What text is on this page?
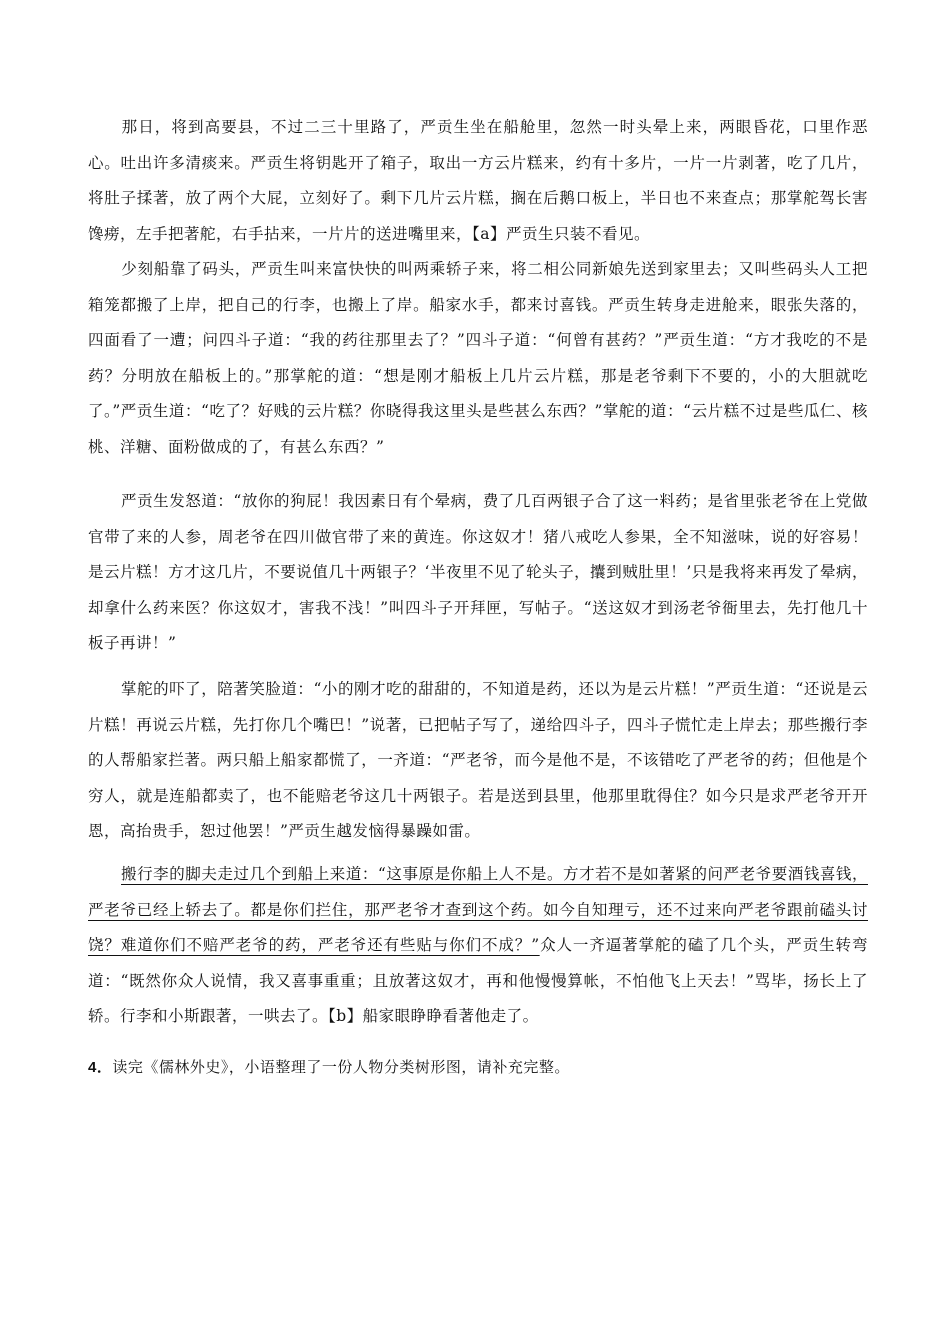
那日，将到高要县，不过二三十里路了，严贡生坐在船舱里，忽然一时头晕上来，两眼昏花，口里作恶心。吐出许多清痰来。严贡生将钥匙开了箱子，取出一方云片糕来，约有十多片，一片一片剥著，吃了几片，将肚子揉著，放了两个大屁，立刻好了。剩下几片云片糕，搁在后鹅口板上，半日也不来查点；那掌舵驾长害馋痨，左手把著舵，右手拈来，一片片的送进嘴里来，【a】严贡生只装不看见。

少刻船靠了码头，严贡生叫来富快快的叫两乘轿子来，将二相公同新娘先送到家里去；又叫些码头人工把箱笼都搬了上岸，把自己的行李，也搬上了岸。船家水手，都来讨喜钱。严贡生转身走进舱来，眼张失落的，四面看了一遭；问四斗子道：“我的药往那里去了？”四斗子道：“何曾有甚药？”严贡生道：“方才我吃的不是药？分明放在船板上的。”那掌舵的道：“想是刚才船板上几片云片糕，那是老爷剩下不要的，小的大胆就吃了。”严贡生道：“吃了？好贱的云片糕？你晓得我这里头是些甚么东西？”掌舵的道：“云片糕不过是些瓜仁、核桃、洋糖、面粉做成的了，有甚么东西？”

严贡生发怒道：“放你的狗屁！我因素日有个晕病，费了几百两银子合了这一料药；是省里张老爷在上党做官带了来的人参，周老爷在四川做官带了来的黄连。你这奴才！猪八戒吃人参果，全不知滋味，说的好容易！是云片糕！方才这几片，不要说值几十两银子？‘半夜里不见了轮头子，攮到贼肚里！’只是我将来再发了晕病，却拿什么药来医？你这奴才，害我不浅！”叫四斗子开拜匣，写帖子。“送这奴才到汤老爷衙里去，先打他几十板子再讲！”

掌舵的吓了，陪著笑脸道：“小的刚才吃的甜甜的，不知道是药，还以为是云片糕！”严贡生道：“还说是云片糕！再说云片糕，先打你几个嘴巴！”说著，已把帖子写了，递给四斗子，四斗子慌忙走上岸去；那些搬行李的人帮船家拦著。两只船上船家都慌了，一齐道：“严老爷，而今是他不是，不该错吃了严老爷的药；但他是个穷人，就是连船都卖了，也不能赔老爷这几十两银子。若是送到县里，他那里耽得住？如今只是求严老爷开开恩，高抬贵手，恕过他罢！”严贡生越发恼得暴躁如雷。

搬行李的脚夫走过几个到船上来道：“这事原是你船上人不是。方才若不是如著紧的问严老爷要酒钱喜钱，严老爷已经上轿去了。都是你们拦住，那严老爷才查到这个药。如今自知理亏，还不过来向严老爷跟前磕头讨饶？难道你们不赔严老爷的药，严老爷还有些贴与你们不成？”众人一齐逼著掌舵的磕了几个头，严贡生转弯道：“既然你众人说情，我又喜事重重；且放著这奴才，再和他慢慢算帐，不怕他飞上天去！”骂毕，扬长上了轿。行李和小斯跟著，一哄去了。【b】船家眼睁睁看著他走了。

4．读完《儒林外史》，小语整理了一份人物分类树形图，请补充完整。
